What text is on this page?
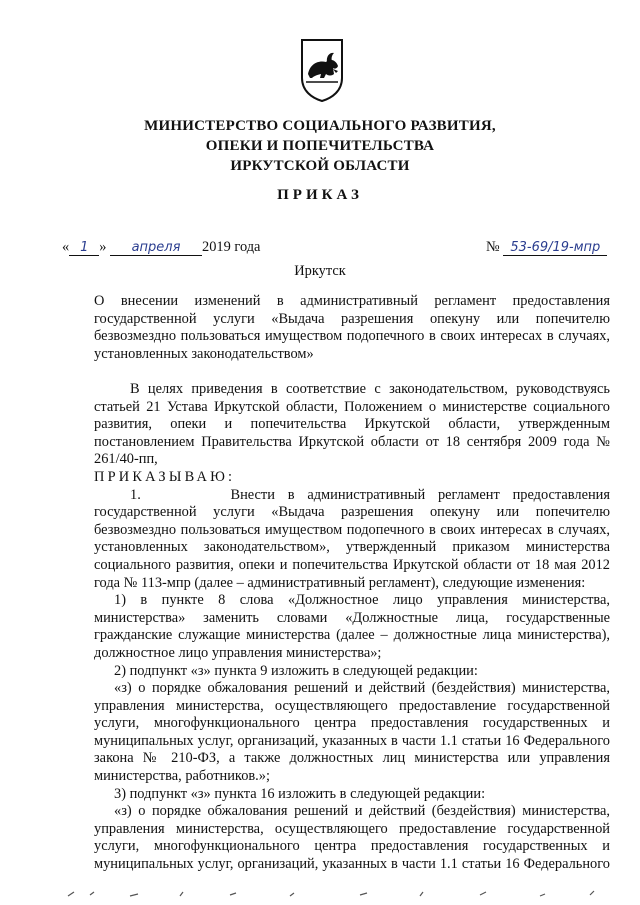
МИНИСТЕРСТВО СОЦИАЛЬНОГО РАЗВИТИЯ,
ОПЕКИ И ПОПЕЧИТЕЛЬСТВА
ИРКУТСКОЙ ОБЛАСТИ
ПРИКАЗ
« 1 » апреля 2019 года	№ 53-69/19-мпр
Иркутск
О внесении изменений в административный регламент предоставления государственной услуги «Выдача разрешения опекуну или попечителю безвозмездно пользоваться имуществом подопечного в своих интересах в случаях, установленных законодательством»

В целях приведения в соответствие с законодательством, руководствуясь статьей 21 Устава Иркутской области, Положением о министерстве социального развития, опеки и попечительства Иркутской области, утвержденным постановлением Правительства Иркутской области от 18 сентября 2009 года № 261/40-пп,

ПРИКАЗЫВАЮ:

1.       Внести в административный регламент предоставления государственной услуги «Выдача разрешения опекуну или попечителю безвозмездно пользоваться имуществом подопечного в своих интересах в случаях, установленных законодательством», утвержденный приказом министерства социального развития, опеки и попечительства Иркутской области от 18 мая 2012 года № 113-мпр (далее – административный регламент), следующие изменения:

1) в пункте 8 слова «Должностное лицо управления министерства, министерства» заменить словами «Должностные лица, государственные гражданские служащие министерства (далее – должностные лица министерства), должностное лицо управления министерства»;

2) подпункт «з» пункта 9 изложить в следующей редакции:

«з) о порядке обжалования решений и действий (бездействия) министерства, управления министерства, осуществляющего предоставление государственной услуги, многофункционального центра предоставления государственных и муниципальных услуг, организаций, указанных в части 1.1 статьи 16 Федерального закона № 210-ФЗ, а также должностных лиц министерства или управления министерства, работников.»;

3) подпункт «з» пункта 16 изложить в следующей редакции:

«з) о порядке обжалования решений и действий (бездействия) министерства, управления министерства, осуществляющего предоставление государственной услуги, многофункционального центра предоставления государственных и муниципальных услуг, организаций, указанных в части 1.1 статьи 16 Федерального
